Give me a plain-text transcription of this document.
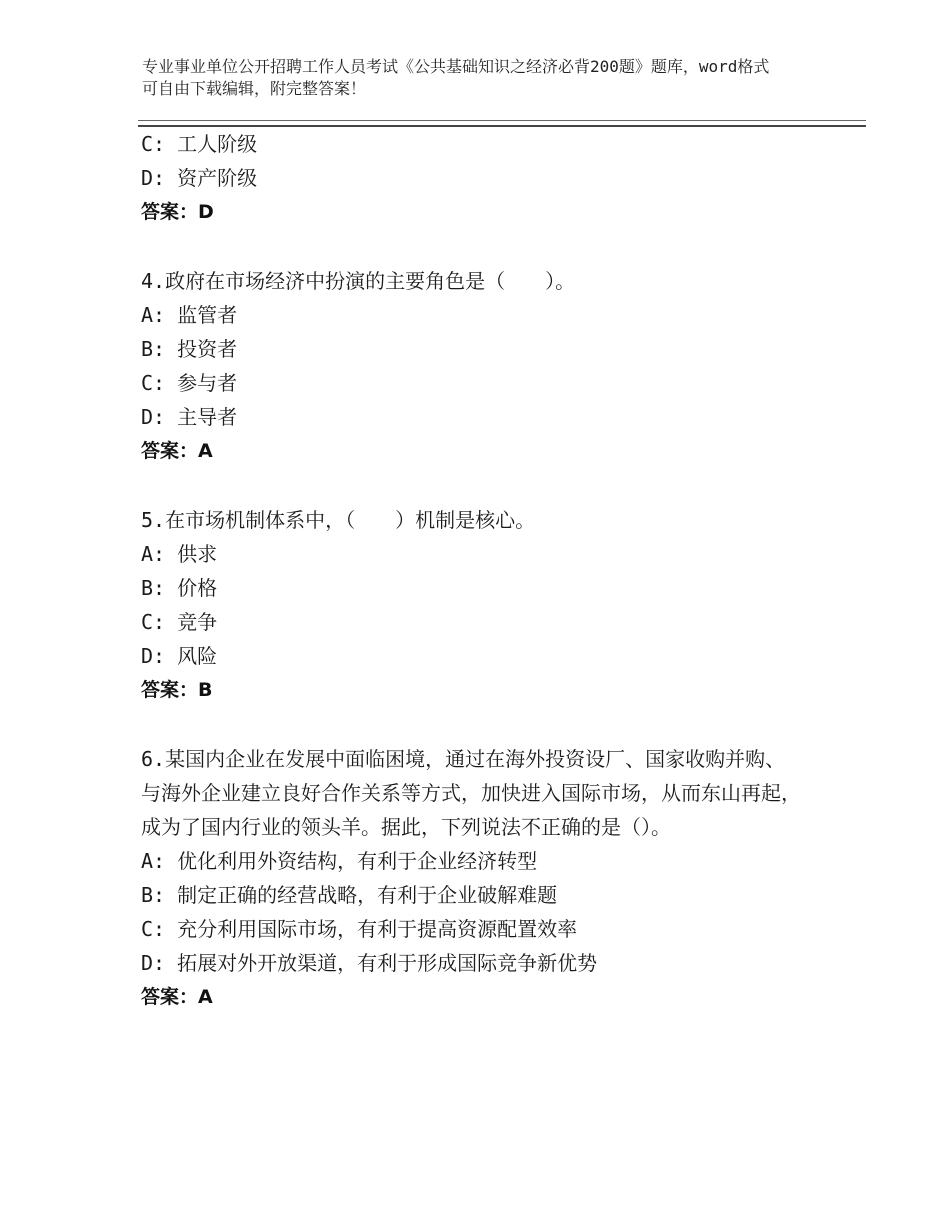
专业事业单位公开招聘工作人员考试《公共基础知识之经济必背200题》题库，word格式可自由下载编辑，附完整答案！
C: 工人阶级
D: 资产阶级
答案：D
4.政府在市场经济中扮演的主要角色是（　　）。
A: 监管者
B: 投资者
C: 参与者
D: 主导者
答案：A
5.在市场机制体系中，（　　）机制是核心。
A: 供求
B: 价格
C: 竞争
D: 风险
答案：B
6.某国内企业在发展中面临困境，通过在海外投资设厂、国家收购并购、与海外企业建立良好合作关系等方式，加快进入国际市场，从而东山再起，成为了国内行业的领头羊。据此，下列说法不正确的是（）。
A: 优化利用外资结构，有利于企业经济转型
B: 制定正确的经营战略，有利于企业破解难题
C: 充分利用国际市场，有利于提高资源配置效率
D: 拓展对外开放渠道，有利于形成国际竞争新优势
答案：A
